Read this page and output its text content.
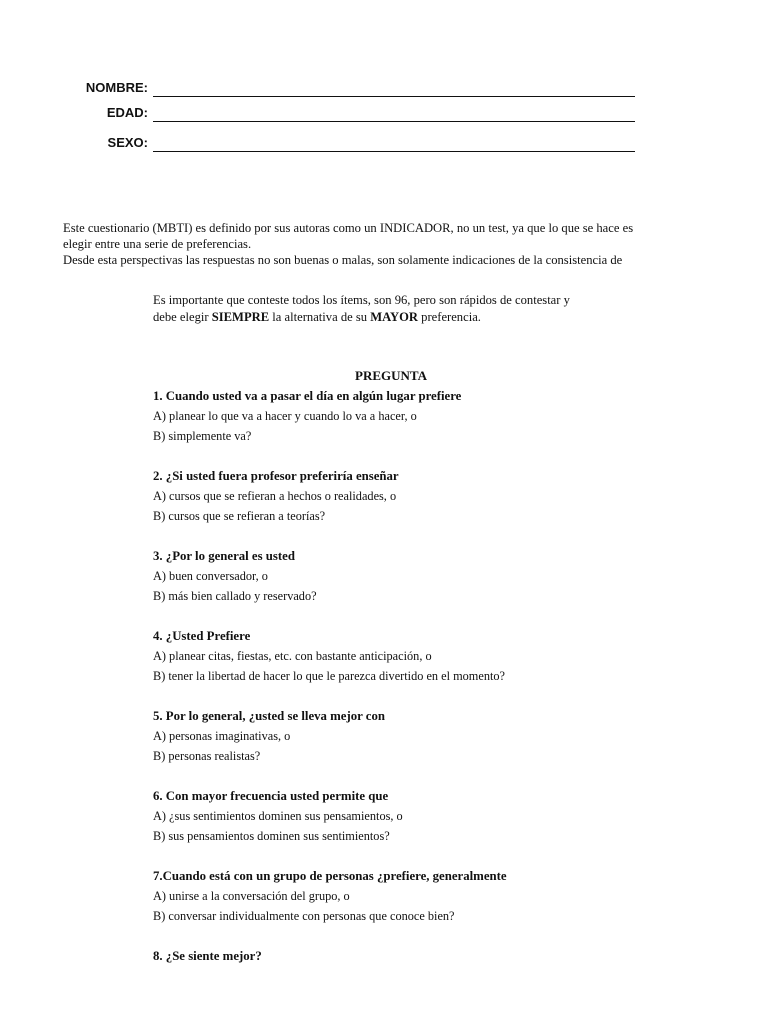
NOMBRE:
EDAD:
SEXO:
Este cuestionario (MBTI) es definido por sus autoras como un INDICADOR, no un test, ya que lo que se hace es
elegir entre una serie de preferencias.
Desde esta perspectivas las respuestas no son buenas o malas, son solamente indicaciones de la consistencia de
Es importante que conteste todos los ítems, son 96, pero son rápidos de contestar y
debe elegir SIEMPRE la alternativa de su MAYOR preferencia.
PREGUNTA
1. Cuando usted va a pasar el día en algún lugar prefiere
A) planear lo que va a hacer y cuando lo va a hacer, o
B) simplemente va?
2. ¿Si usted fuera profesor preferiría enseñar
A) cursos que se refieran a hechos o realidades, o
B) cursos que se refieran a teorías?
3. ¿Por lo general es usted
A) buen conversador, o
B) más bien callado y reservado?
4. ¿Usted Prefiere
A) planear citas, fiestas, etc. con bastante anticipación, o
B) tener la libertad de hacer lo que le parezca divertido en el momento?
5. Por lo general, ¿usted se lleva mejor con
A) personas imaginativas, o
B) personas realistas?
6. Con mayor frecuencia usted permite que
A) ¿sus sentimientos dominen sus pensamientos, o
B) sus pensamientos dominen sus sentimientos?
7.Cuando está con un grupo de personas ¿prefiere, generalmente
A) unirse a la conversación del grupo, o
B) conversar individualmente con personas que conoce bien?
8. ¿Se siente mejor?
